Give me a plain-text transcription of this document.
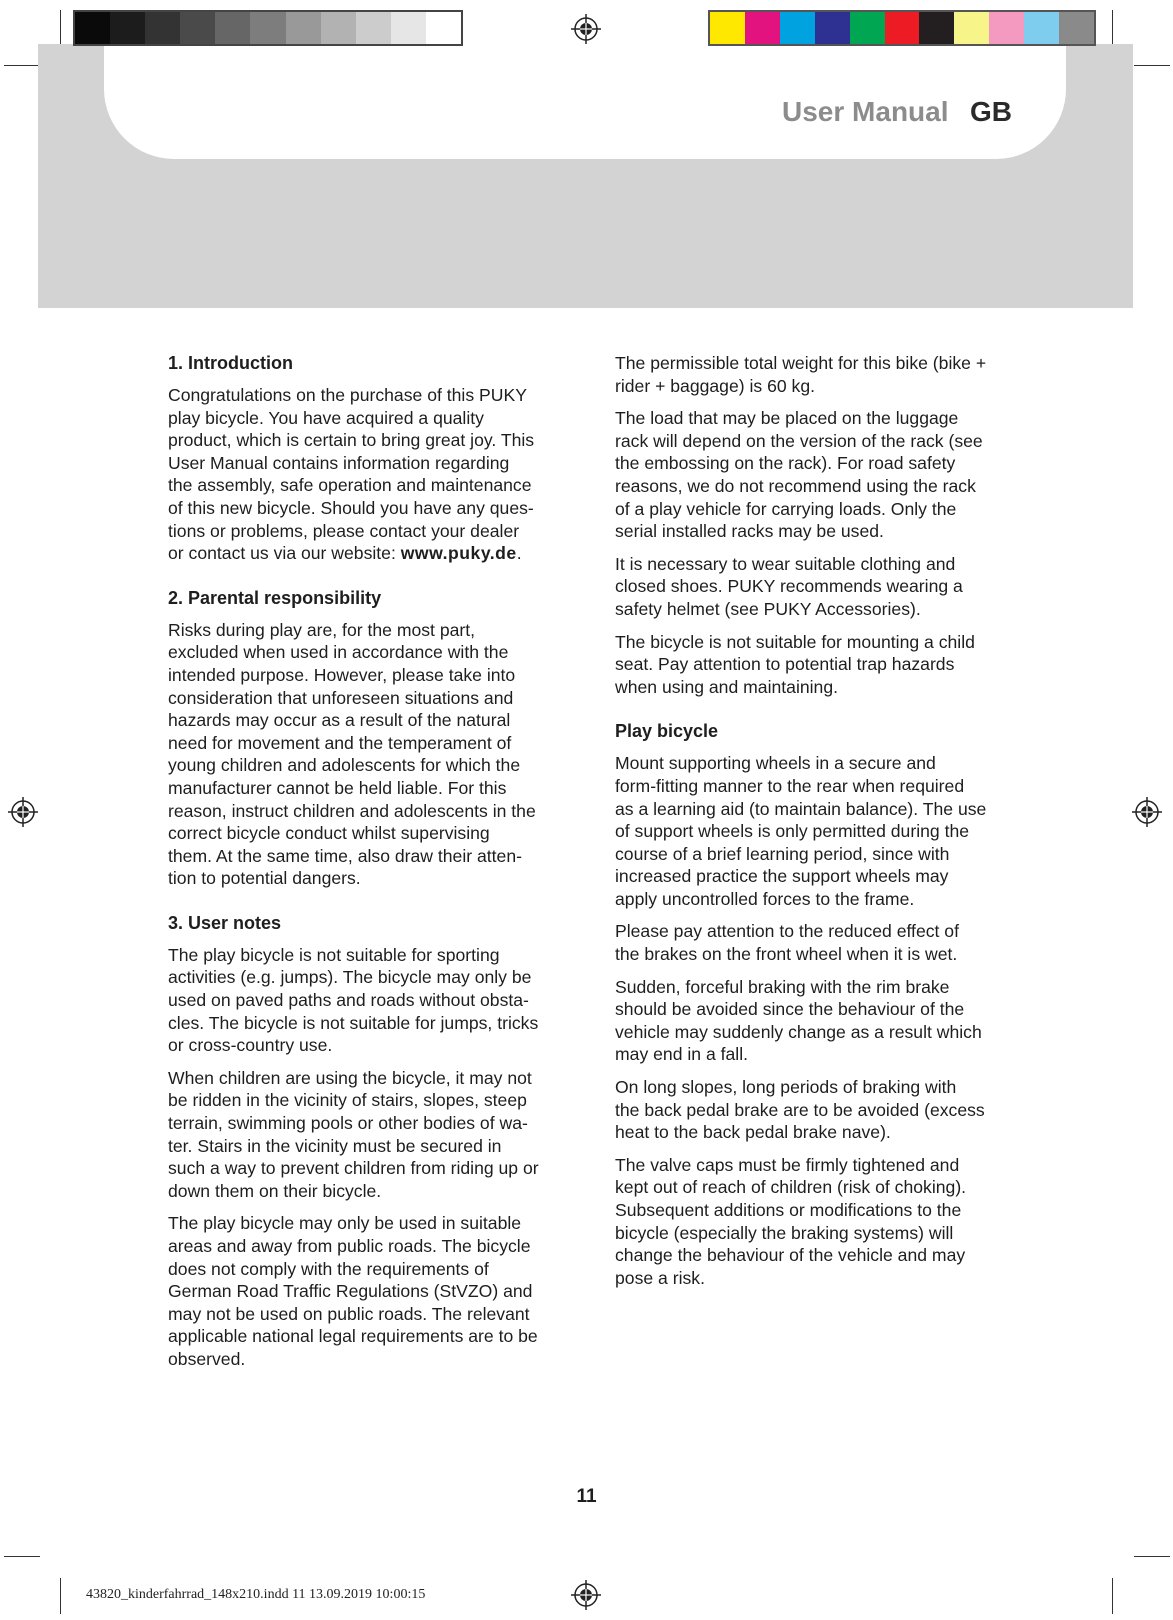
User Manual GB
1. Introduction

Congratulations on the purchase of this PUKY
play bicycle. You have acquired a quality
product, which is certain to bring great joy. This
User Manual contains information regarding
the assembly, safe operation and maintenance
of this new bicycle. Should you have any ques-
tions or problems, please contact your dealer
or contact us via our website: www.puky.de.

2. Parental responsibility

Risks during play are, for the most part,
excluded when used in accordance with the
intended purpose. However, please take into
consideration that unforeseen situations and
hazards may occur as a result of the natural
need for movement and the temperament of
young children and adolescents for which the
manufacturer cannot be held liable. For this
reason, instruct children and adolescents in the
correct bicycle conduct whilst supervising
them. At the same time, also draw their atten-
tion to potential dangers.

3. User notes

The play bicycle is not suitable for sporting
activities (e.g. jumps). The bicycle may only be
used on paved paths and roads without obsta-
cles. The bicycle is not suitable for jumps, tricks
or cross-country use.

When children are using the bicycle, it may not
be ridden in the vicinity of stairs, slopes, steep
terrain, swimming pools or other bodies of wa-
ter. Stairs in the vicinity must be secured in
such a way to prevent children from riding up or
down them on their bicycle.

The play bicycle may only be used in suitable
areas and away from public roads. The bicycle
does not comply with the requirements of
German Road Traffic Regulations (StVZO) and
may not be used on public roads. The relevant
applicable national legal requirements are to be
observed.

The permissible total weight for this bike (bike +
rider + baggage) is 60 kg.

The load that may be placed on the luggage
rack will depend on the version of the rack (see
the embossing on the rack). For road safety
reasons, we do not recommend using the rack
of a play vehicle for carrying loads. Only the
serial installed racks may be used.

It is necessary to wear suitable clothing and
closed shoes. PUKY recommends wearing a
safety helmet (see PUKY Accessories).

The bicycle is not suitable for mounting a child
seat. Pay attention to potential trap hazards
when using and maintaining.

Play bicycle

Mount supporting wheels in a secure and
form-fitting manner to the rear when required
as a learning aid (to maintain balance). The use
of support wheels is only permitted during the
course of a brief learning period, since with
increased practice the support wheels may
apply uncontrolled forces to the frame.

Please pay attention to the reduced effect of
the brakes on the front wheel when it is wet.

Sudden, forceful braking with the rim brake
should be avoided since the behaviour of the
vehicle may suddenly change as a result which
may end in a fall.

On long slopes, long periods of braking with
the back pedal brake are to be avoided (excess
heat to the back pedal brake nave).

The valve caps must be firmly tightened and
kept out of reach of children (risk of choking).
Subsequent additions or modifications to the
bicycle (especially the braking systems) will
change the behaviour of the vehicle and may
pose a risk.

11
43820_kinderfahrrad_148x210.indd 11 13.09.2019 10:00:15
